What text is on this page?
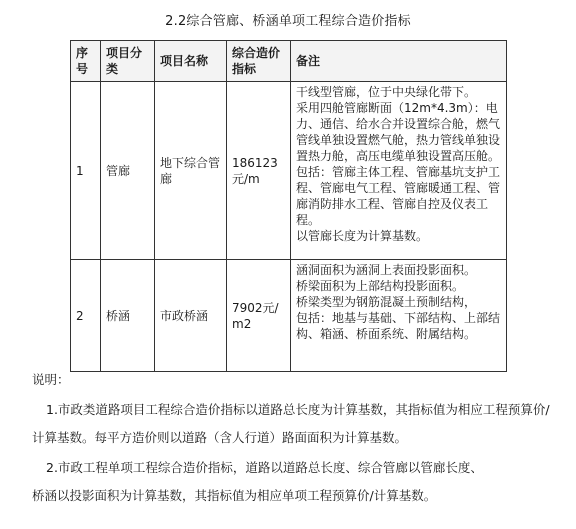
2.2综合管廊、桥涵单项工程综合造价指标
序号	项目分类	项目名称	综合造价指标	备注
1	管廊	地下综合管廊	186123元/m	干线型管廊，位于中央绿化带下。
采用四舱管廊断面（12m*4.3m）：电力、通信、给水合并设置综合舱，燃气管线单独设置燃气舱，热力管线单独设置热力舱，高压电缆单独设置高压舱。
包括：管廊主体工程、管廊基坑支护工程、管廊电气工程、管廊暖通工程、管廊消防排水工程、管廊自控及仪表工程。
以管廊长度为计算基数。

2	桥涵	市政桥涵	7902元/m2	涵洞面积为涵洞上表面投影面积。
桥梁面积为上部结构投影面积。
桥梁类型为钢筋混凝土预制结构，
包括：地基与基础、下部结构、上部结构、箱涵、桥面系统、附属结构。
说明：
1.市政类道路项目工程综合造价指标以道路总长度为计算基数，其指标值为相应工程预算价/计算基数。每平方造价则以道路（含人行道）路面面积为计算基数。
2.市政工程单项工程综合造价指标，道路以道路总长度、综合管廊以管廊长度、
桥涵以投影面积为计算基数，其指标值为相应单项工程预算价/计算基数。
